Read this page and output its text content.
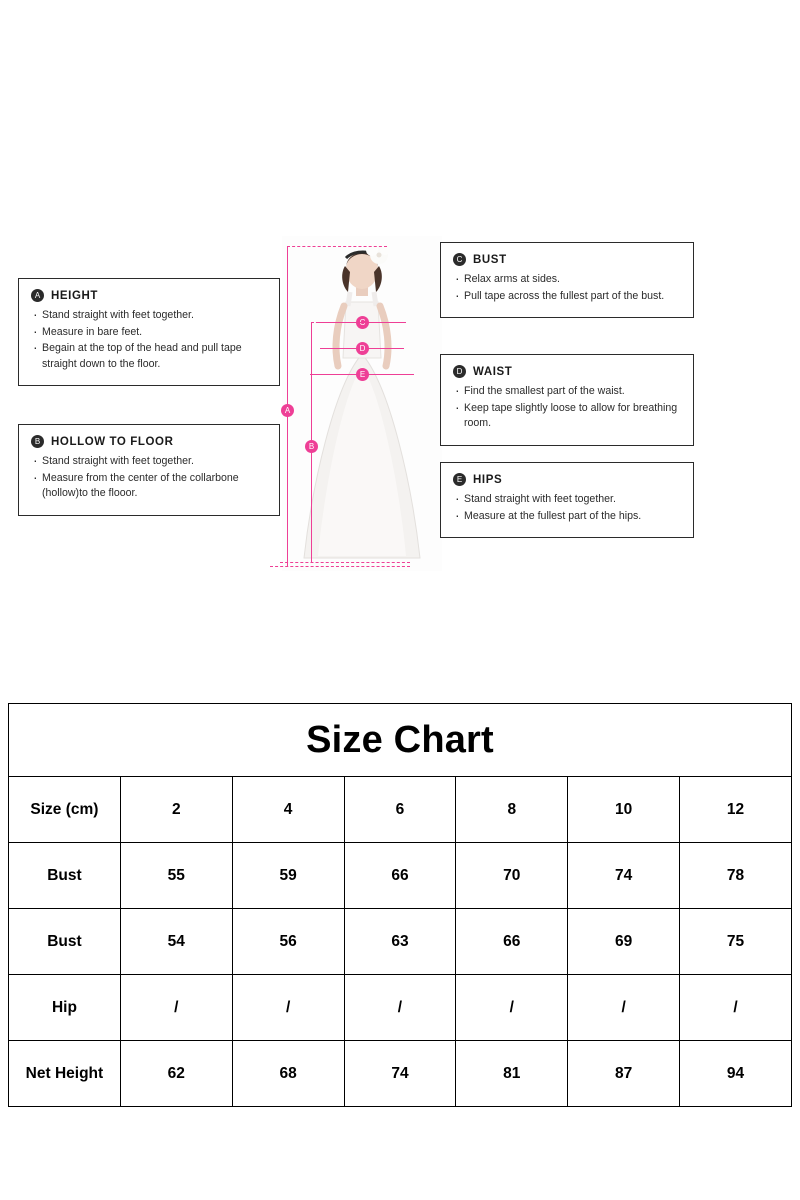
C
D
E
A
B
A HEIGHT
· Stand straight with feet together.
· Measure in bare feet.
· Begain at the top of the head and pull tape straight down to the floor.
B HOLLOW TO FLOOR
· Stand straight with feet together.
· Measure from the center of the collarbone (hollow)to the flooor.
C BUST
· Relax arms at sides.
· Pull tape across the fullest part of the bust.
D WAIST
· Find the smallest part of the waist.
· Keep tape slightly loose to allow for breathing room.
E HIPS
· Stand straight with feet together.
· Measure at the fullest part of the hips.
Size Chart						
Size (cm)	2	4	6	8	10	12
Bust	55	59	66	70	74	78
Bust	54	56	63	66	69	75
Hip	/	/	/	/	/	/
Net Height	62	68	74	81	87	94
